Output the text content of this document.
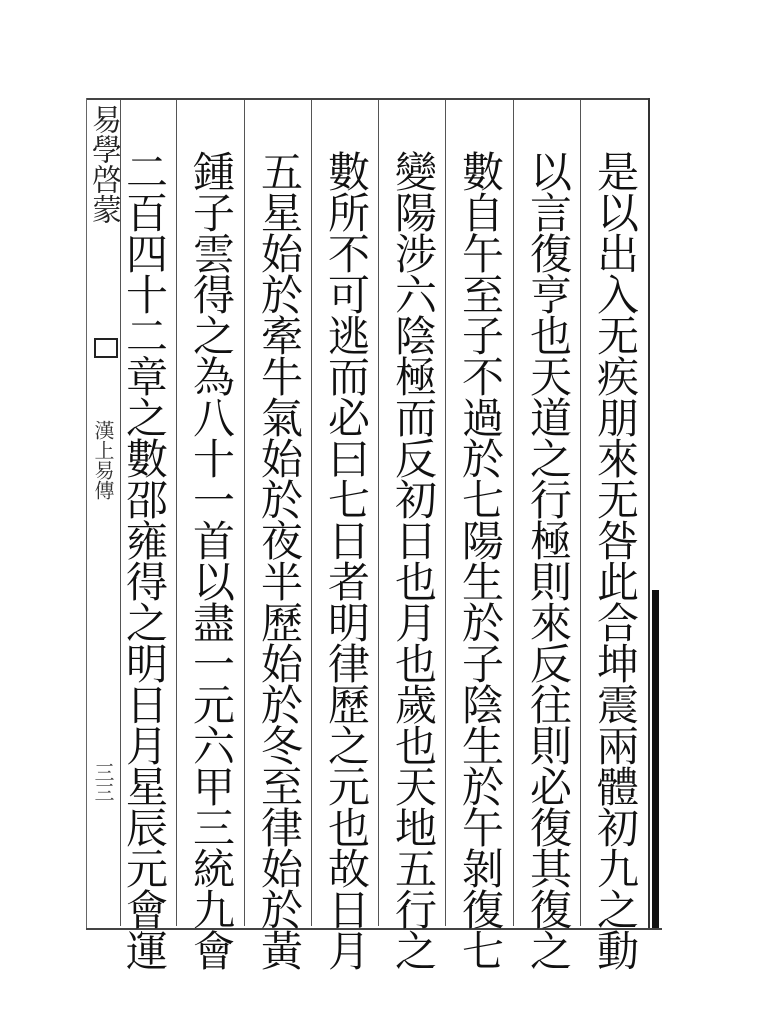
易學啓蒙
漢上易傳
三三	是以出入无疾朋來无咎此合坤震兩體初九之動
以言復亨也天道之行極則來反往則必復其復之
數自午至子不過於七陽生於子陰生於午剝復七
變陽涉六陰極而反初日也月也歲也天地五行之
數所不可逃而必曰七日者明律歷之元也故日月
五星始於牽牛氣始於夜半歷始於冬至律始於黃
鍾子雲得之為八十一首以盡一元六甲三統九會
二百四十二章之數邵雍得之明日月星辰元會運
